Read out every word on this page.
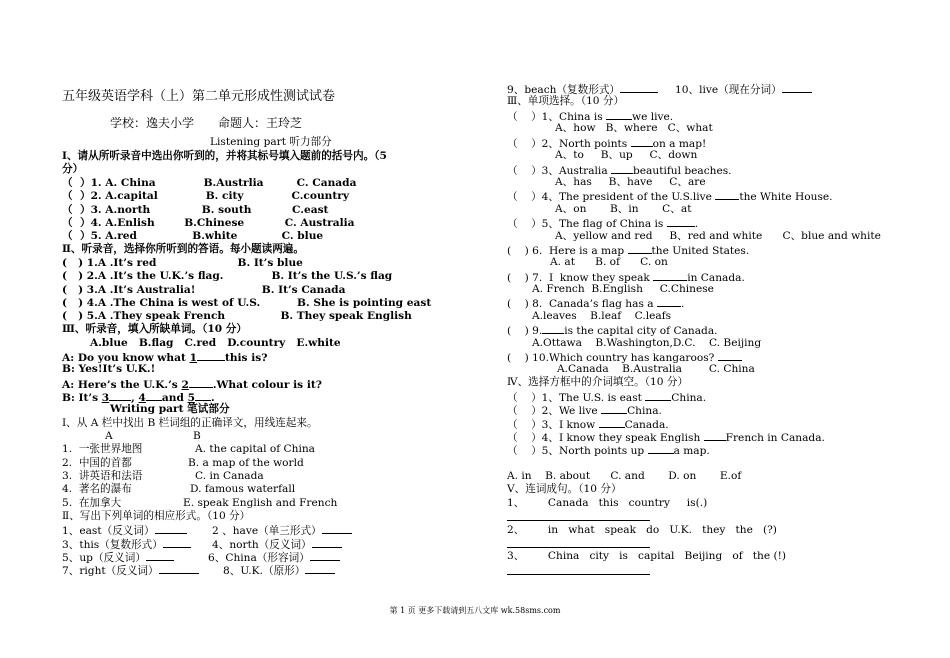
五年级英语学科（上）第二单元形成性测试试卷
学校：逸夫小学　　命题人：王玲芝
Listening part 听力部分
Ⅰ、请从所听录音中选出你听到的，并将其标号填入题前的括号内。（5
分）
（  ）1. A. China             B.Austrlia         C. Canada
（  ）2. A.capital             B. city             C.country
（  ）3. A.north              B. south           C.east
（  ）4. A.Enlish        B.Chinese           C. Australia
（  ）5. A.red               B.white            C. blue
Ⅱ、听录音，选择你所听到的答语。每小题读两遍。
(   ) 1.A .It’s red                      B. It’s blue
(   ) 2.A .It’s the U.K.’s flag.             B. It’s the U.S.’s flag
(   ) 3.A .It’s Australia!                  B. It’s Canada
(   ) 4.A .The China is west of U.S.          B. She is pointing east
(   ) 5.A .They speak French               B. They speak English
Ⅲ、听录音，填入所缺单词。（10 分）
A.blue   B.flag   C.red   D.country   E.white
A: Do you know what 1	this is?
B: Yes!It’s U.K.!
A: Here’s the U.K.’s 2 .What colour is it?
B: It’s 3 , 4 and 5 .
Writing part 笔试部分
Ⅰ、从 A 栏中找出 B 栏词组的正确译文，用线连起来。
A	B
1.  一张世界地图	A. the capital of China
2.  中国的首都	B. a map of the world
3.  讲英语和法语	C. in Canada
4.  著名的瀑布	D. famous waterfall
5.  在加拿大	E. speak English and French
Ⅱ、写出下列单词的相应形式。（10 分）
1、east（反义词）	2 、have（单三形式）
3、this（复数形式）	4、north（反义词）
5、up（反义词）	6、China（形容词）
7、right（反义词）	8、U.K.（原形）
9、beach（复数形式）	10、live（现在分词）
Ⅲ、单项选择。（10 分）
（    ）1、China is we live.
A、how   B、where   C、what
（    ）2、North points on a map!
A、to     B、up     C、down
（    ）3、Australia beautiful beaches.
A、has     B、have     C、are
（    ）4、The president of the U.S.live the White House.
A、on       B、in       C、at
（    ）5、The flag of China is	.
A、yellow and red     B、red and white      C、blue and white
(    ) 6.  Here is a map the United States.
A. at      B. of      C. on
(    ) 7.  I  know they speak	in Canada.
A. French  B.English     C.Chinese
(    ) 8.  Canada’s flag has a .
A.leaves    B.leaf    C.leafs
(    ) 9. is the capital city of Canada.
A.Ottawa    B.Washington,D.C.    C. Beijing
(    ) 10.Which country has kangaroos?
A.Canada    B.Australia        C. China
Ⅳ、选择方框中的介词填空。（10 分）
（    ）1、The U.S. is east China.
（    ）2、We live China.
（    ）3、I know Canada.
（    ）4、I know they speak English French in Canada.
（    ）5、North points up a map.
A. in    B. about      C. and       D. on       E.of
Ⅴ、连词成句。（10 分）
1、       Canada   this   country     is(.)
2、       in   what   speak   do   U.K.   they   the   (?)
3、       China   city   is   capital   Beijing   of   the (!)
第 1 页 更多下载请到五八文库 wk.58sms.com
